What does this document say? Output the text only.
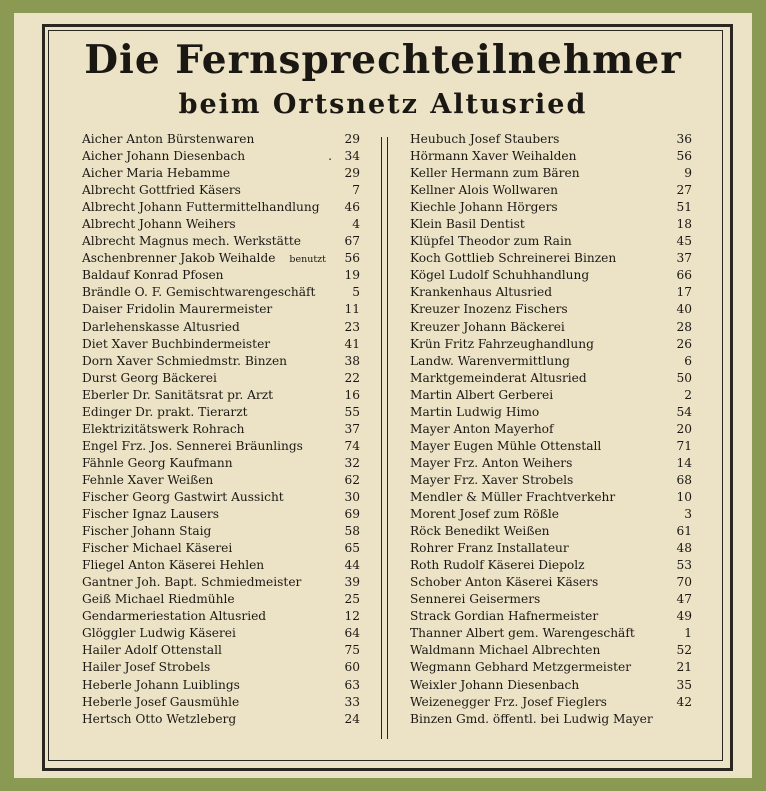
Die Fernsprechteilnehmer
beim Ortsnetz Altusried
Aicher Anton Bürstenwaren	29
Aicher Johann Diesenbach	. 34
Aicher Maria Hebamme	29
Albrecht Gottfried Käsers	7
Albrecht Johann Futtermittelhandlung 46
Albrecht Johann Weihers	4
Albrecht Magnus mech. Werkstätte	67
Aschenbrenner Jakob Weihalde benutzt 56
Baldauf Konrad Pfosen	19
Brändle O. F. Gemischtwarengeschäft	5
Daiser Fridolin Maurermeister	11
Darlehenskasse Altusried	23
Diet Xaver Buchbindermeister	41
Dorn Xaver Schmiedmstr. Binzen	38
Durst Georg Bäckerei	22
Eberler Dr. Sanitätsrat pr. Arzt	16
Edinger Dr. prakt. Tierarzt	55
Elektrizitätswerk Rohrach	37
Engel Frz. Jos. Sennerei Bräunlings	74
Fähnle Georg Kaufmann	32
Fehnle Xaver Weißen	62
Fischer Georg Gastwirt Aussicht	30
Fischer Ignaz Lausers	69
Fischer Johann Staig	58
Fischer Michael Käserei	65
Fliegel Anton Käserei Hehlen	44
Gantner Joh. Bapt. Schmiedmeister	39
Geiß Michael Riedmühle	25
Gendarmeriestation Altusried	12
Glöggler Ludwig Käserei	64
Hailer Adolf Ottenstall	75
Hailer Josef Strobels	60
Heberle Johann Luiblings	63
Heberle Josef Gausmühle	33
Hertsch Otto Wetzleberg	24
Heubuch Josef Staubers	36
Hörmann Xaver Weihalden	56
Keller Hermann zum Bären	9
Kellner Alois Wollwaren	27
Kiechle Johann Hörgers	51
Klein Basil Dentist	18
Klüpfel Theodor zum Rain	45
Koch Gottlieb Schreinerei Binzen	37
Kögel Ludolf Schuhhandlung	66
Krankenhaus Altusried	17
Kreuzer Inozenz Fischers	40
Kreuzer Johann Bäckerei	28
Krün Fritz Fahrzeughandlung	26
Landw. Warenvermittlung	6
Marktgemeinderat Altusried	50
Martin Albert Gerberei	2
Martin Ludwig Himo	54
Mayer Anton Mayerhof	20
Mayer Eugen Mühle Ottenstall	71
Mayer Frz. Anton Weihers	14
Mayer Frz. Xaver Strobels	68
Mendler & Müller Frachtverkehr	10
Morent Josef zum Rößle	3
Röck Benedikt Weißen	61
Rohrer Franz Installateur	48
Roth Rudolf Käserei Diepolz	53
Schober Anton Käserei Käsers	70
Sennerei Geisermers	47
Strack Gordian Hafnermeister	49
Thanner Albert gem. Warengeschäft	1
Waldmann Michael Albrechten	52
Wegmann Gebhard Metzgermeister	21
Weixler Johann Diesenbach	35
Weizenegger Frz. Josef Fieglers	42
Binzen Gmd. öffentl. bei Ludwig Mayer
